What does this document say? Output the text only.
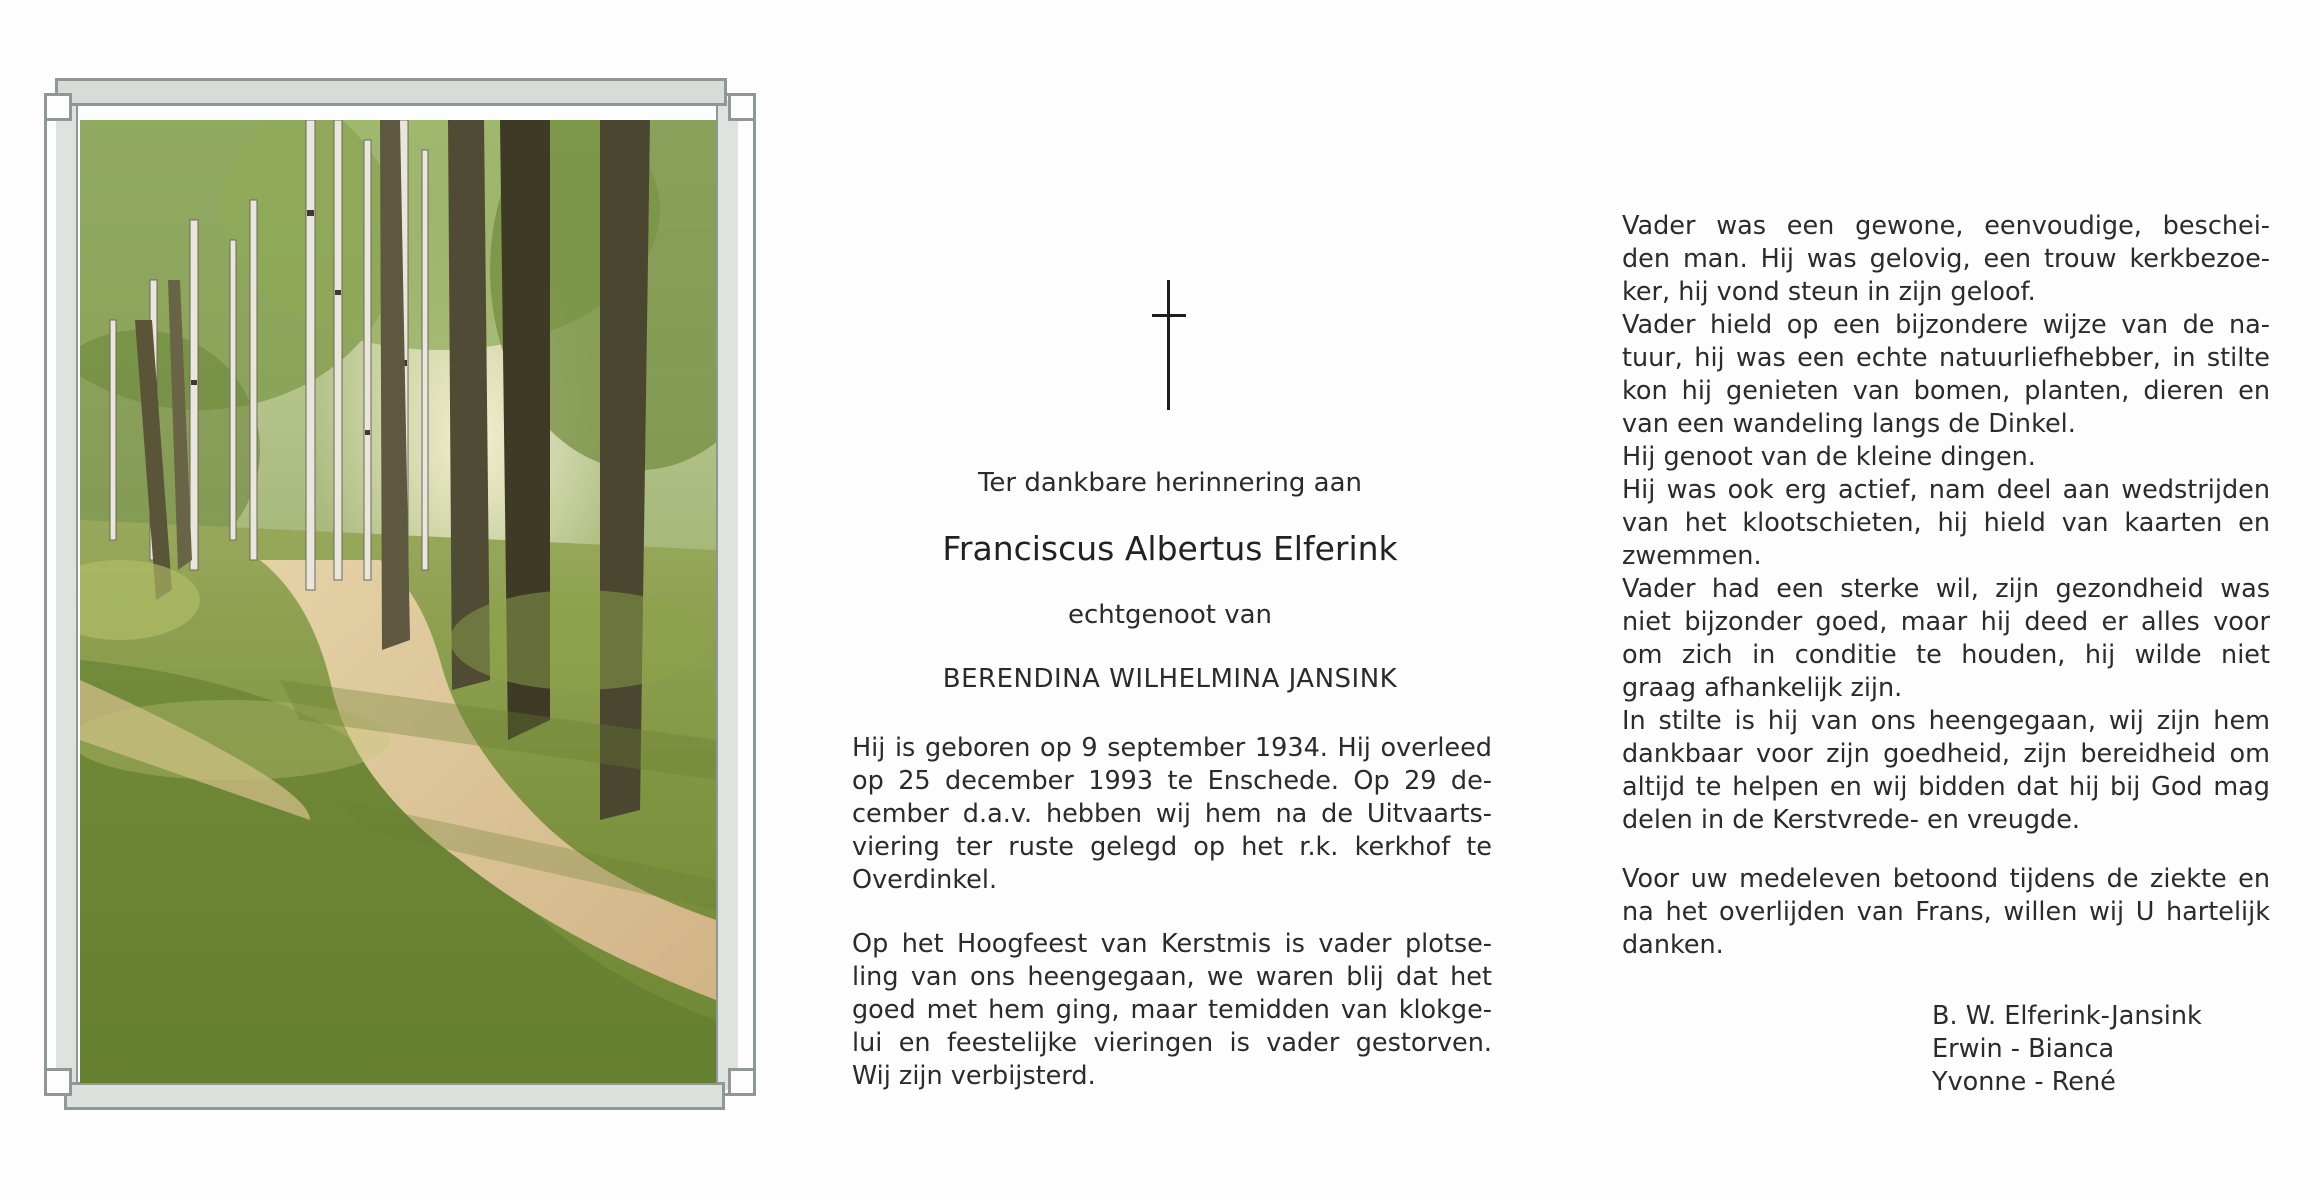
Ter dankbare herinnering aan
Franciscus Albertus Elferink
echtgenoot van
BERENDINA WILHELMINA JANSINK

Hij is geboren op 9 september 1934. Hij overleed
op 25 december 1993 te Enschede. Op 29 de-
cember d.a.v. hebben wij hem na de Uitvaarts-
viering ter ruste gelegd op het r.k. kerkhof te
Overdinkel.

Op het Hoogfeest van Kerstmis is vader plotse-
ling van ons heengegaan, we waren blij dat het
goed met hem ging, maar temidden van klokge-
lui en feestelijke vieringen is vader gestorven.
Wij zijn verbijsterd.

Vader was een gewone, eenvoudige, beschei-
den man. Hij was gelovig, een trouw kerkbezoe-
ker, hij vond steun in zijn geloof.
Vader hield op een bijzondere wijze van de na-
tuur, hij was een echte natuurliefhebber, in stilte
kon hij genieten van bomen, planten, dieren en
van een wandeling langs de Dinkel.
Hij genoot van de kleine dingen.
Hij was ook erg actief, nam deel aan wedstrijden
van het klootschieten, hij hield van kaarten en
zwemmen.
Vader had een sterke wil, zijn gezondheid was
niet bijzonder goed, maar hij deed er alles voor
om zich in conditie te houden, hij wilde niet
graag afhankelijk zijn.
In stilte is hij van ons heengegaan, wij zijn hem
dankbaar voor zijn goedheid, zijn bereidheid om
altijd te helpen en wij bidden dat hij bij God mag
delen in de Kerstvrede- en vreugde.

Voor uw medeleven betoond tijdens de ziekte en
na het overlijden van Frans, willen wij U hartelijk
danken.

B. W. Elferink-Jansink
Erwin - Bianca
Yvonne - René
